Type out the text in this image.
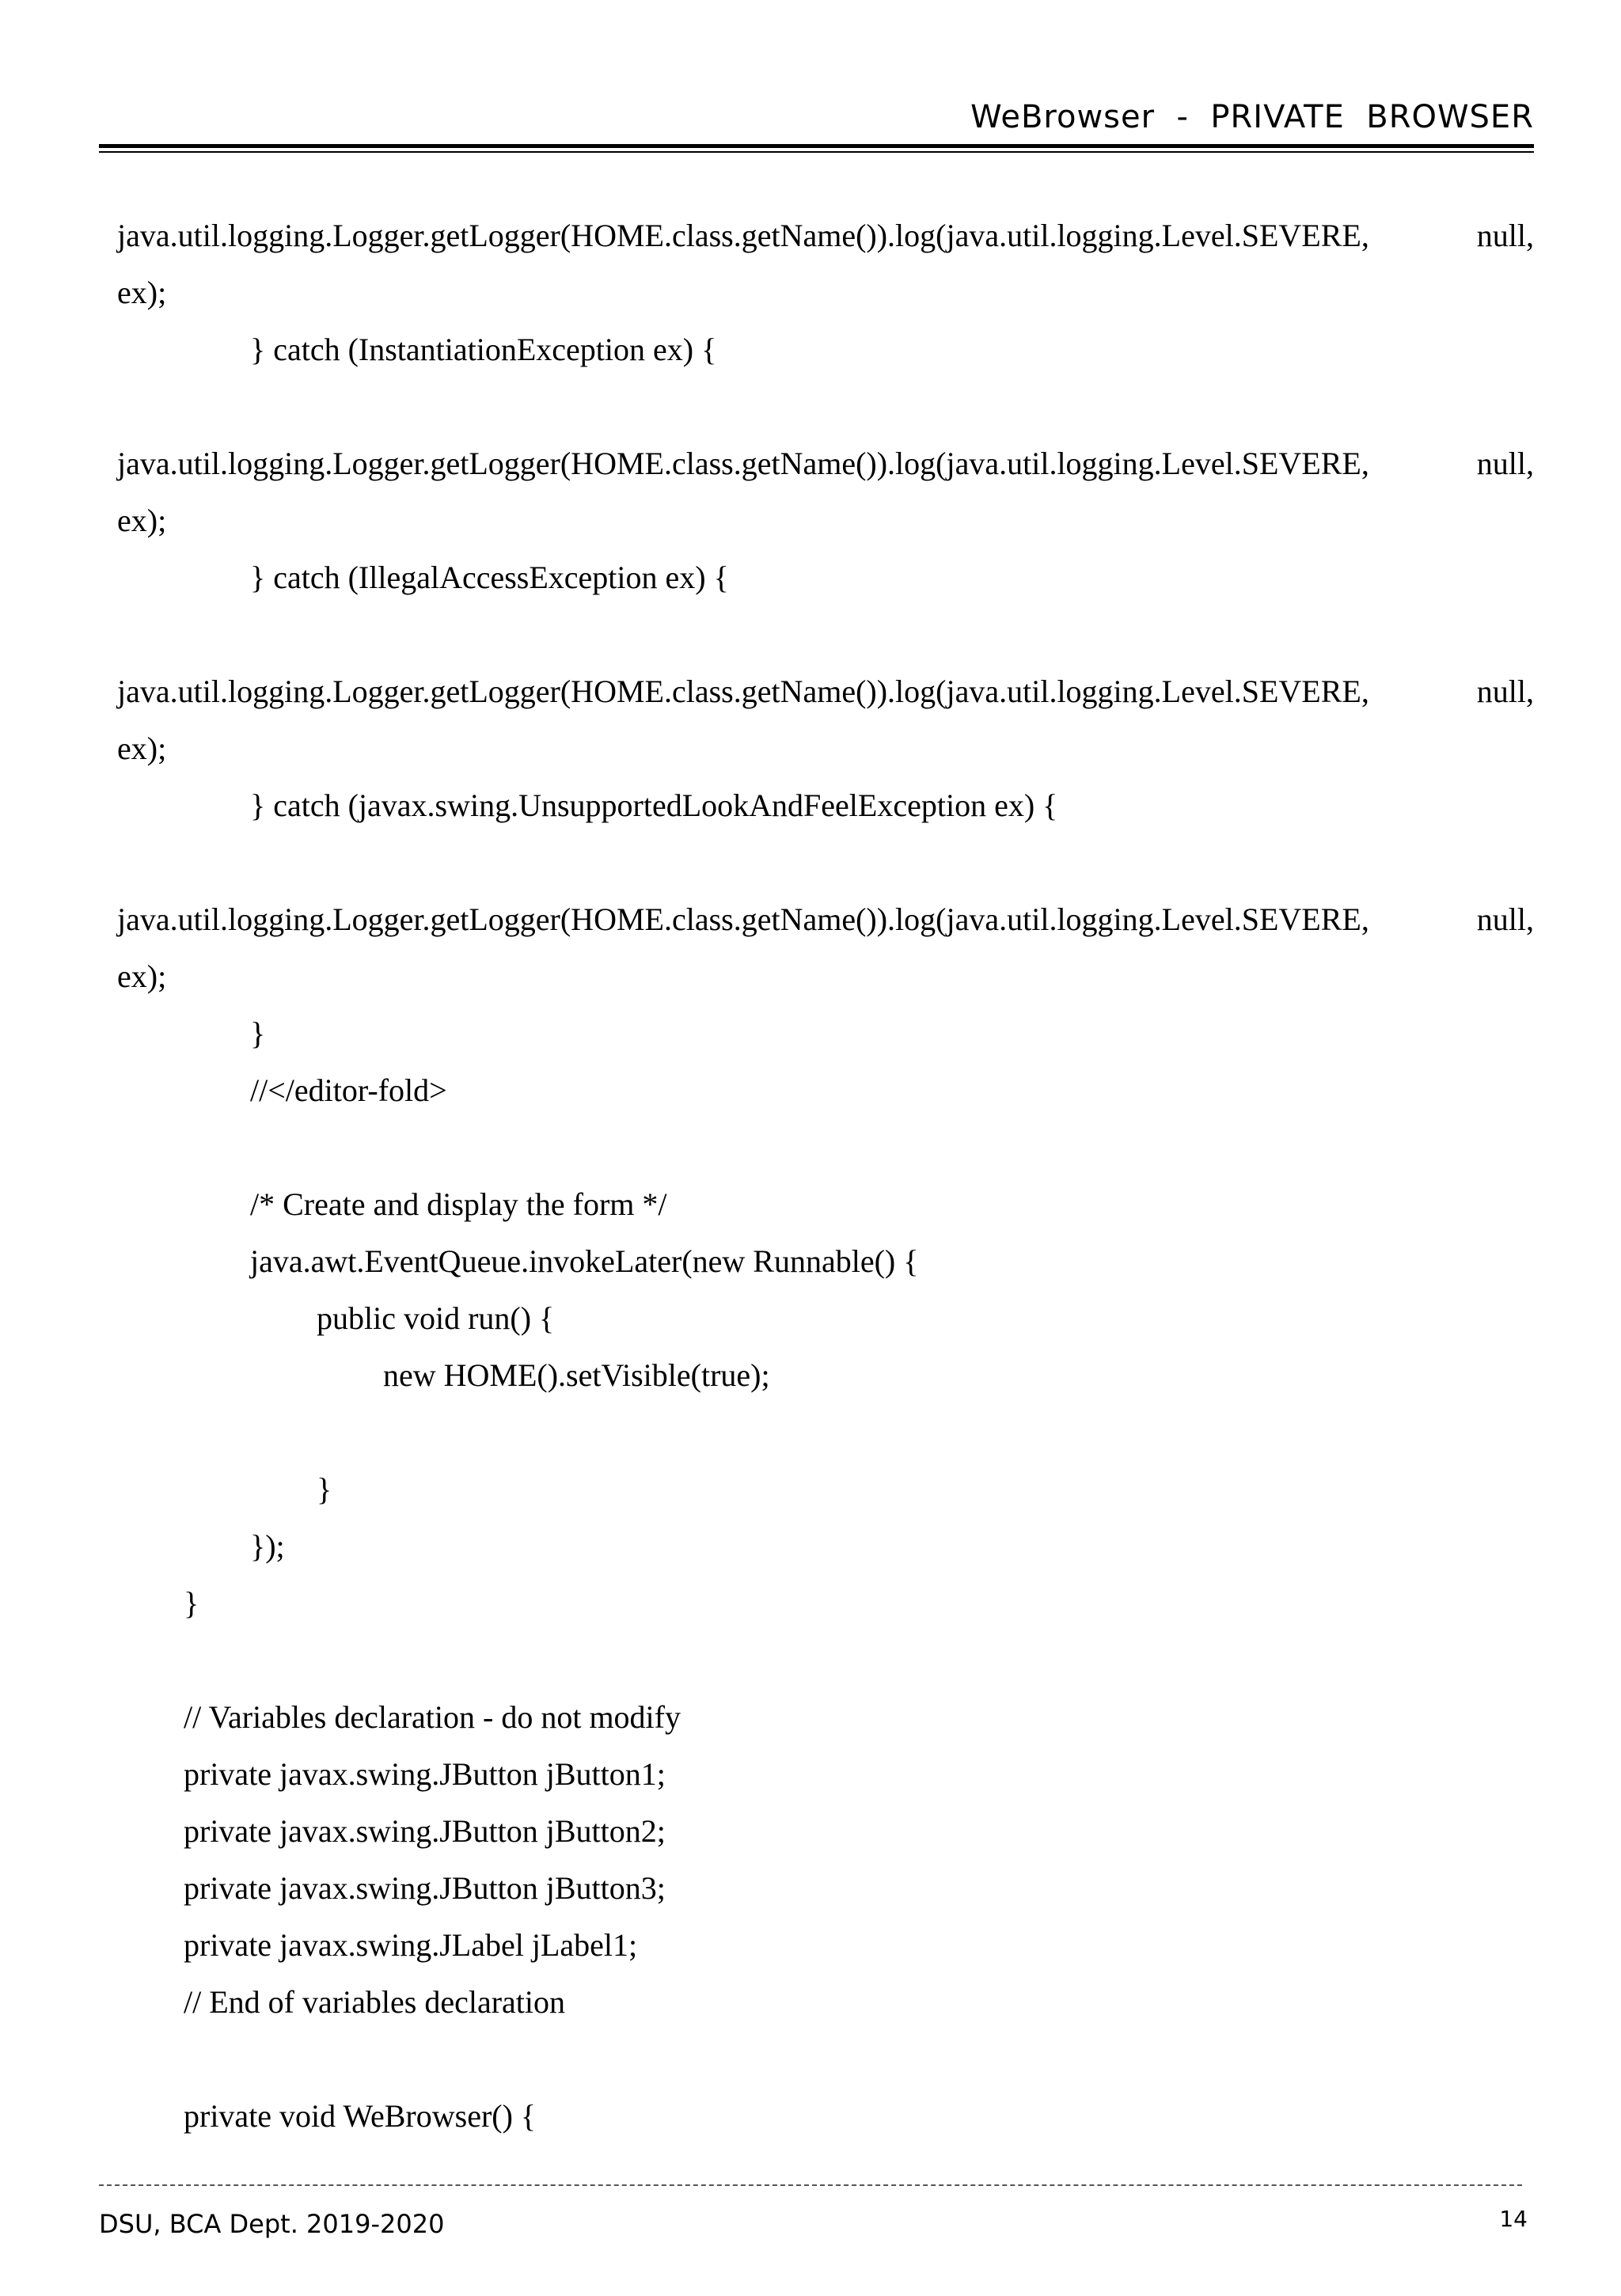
WeBrowser  -  PRIVATE  BROWSER
java.util.logging.Logger.getLogger(HOME.class.getName()).log(java.util.logging.Level.SEVERE,	null,
ex);
} catch (InstantiationException ex) {
java.util.logging.Logger.getLogger(HOME.class.getName()).log(java.util.logging.Level.SEVERE,	null,
ex);
} catch (IllegalAccessException ex) {
java.util.logging.Logger.getLogger(HOME.class.getName()).log(java.util.logging.Level.SEVERE,	null,
ex);
} catch (javax.swing.UnsupportedLookAndFeelException ex) {
java.util.logging.Logger.getLogger(HOME.class.getName()).log(java.util.logging.Level.SEVERE,	null,
ex);
}
//</editor-fold>
/* Create and display the form */
java.awt.EventQueue.invokeLater(new Runnable() {
public void run() {
new HOME().setVisible(true);
}
});
}
// Variables declaration - do not modify
private javax.swing.JButton jButton1;
private javax.swing.JButton jButton2;
private javax.swing.JButton jButton3;
private javax.swing.JLabel jLabel1;
// End of variables declaration
private void WeBrowser() {
DSU, BCA Dept. 2019-2020	14
